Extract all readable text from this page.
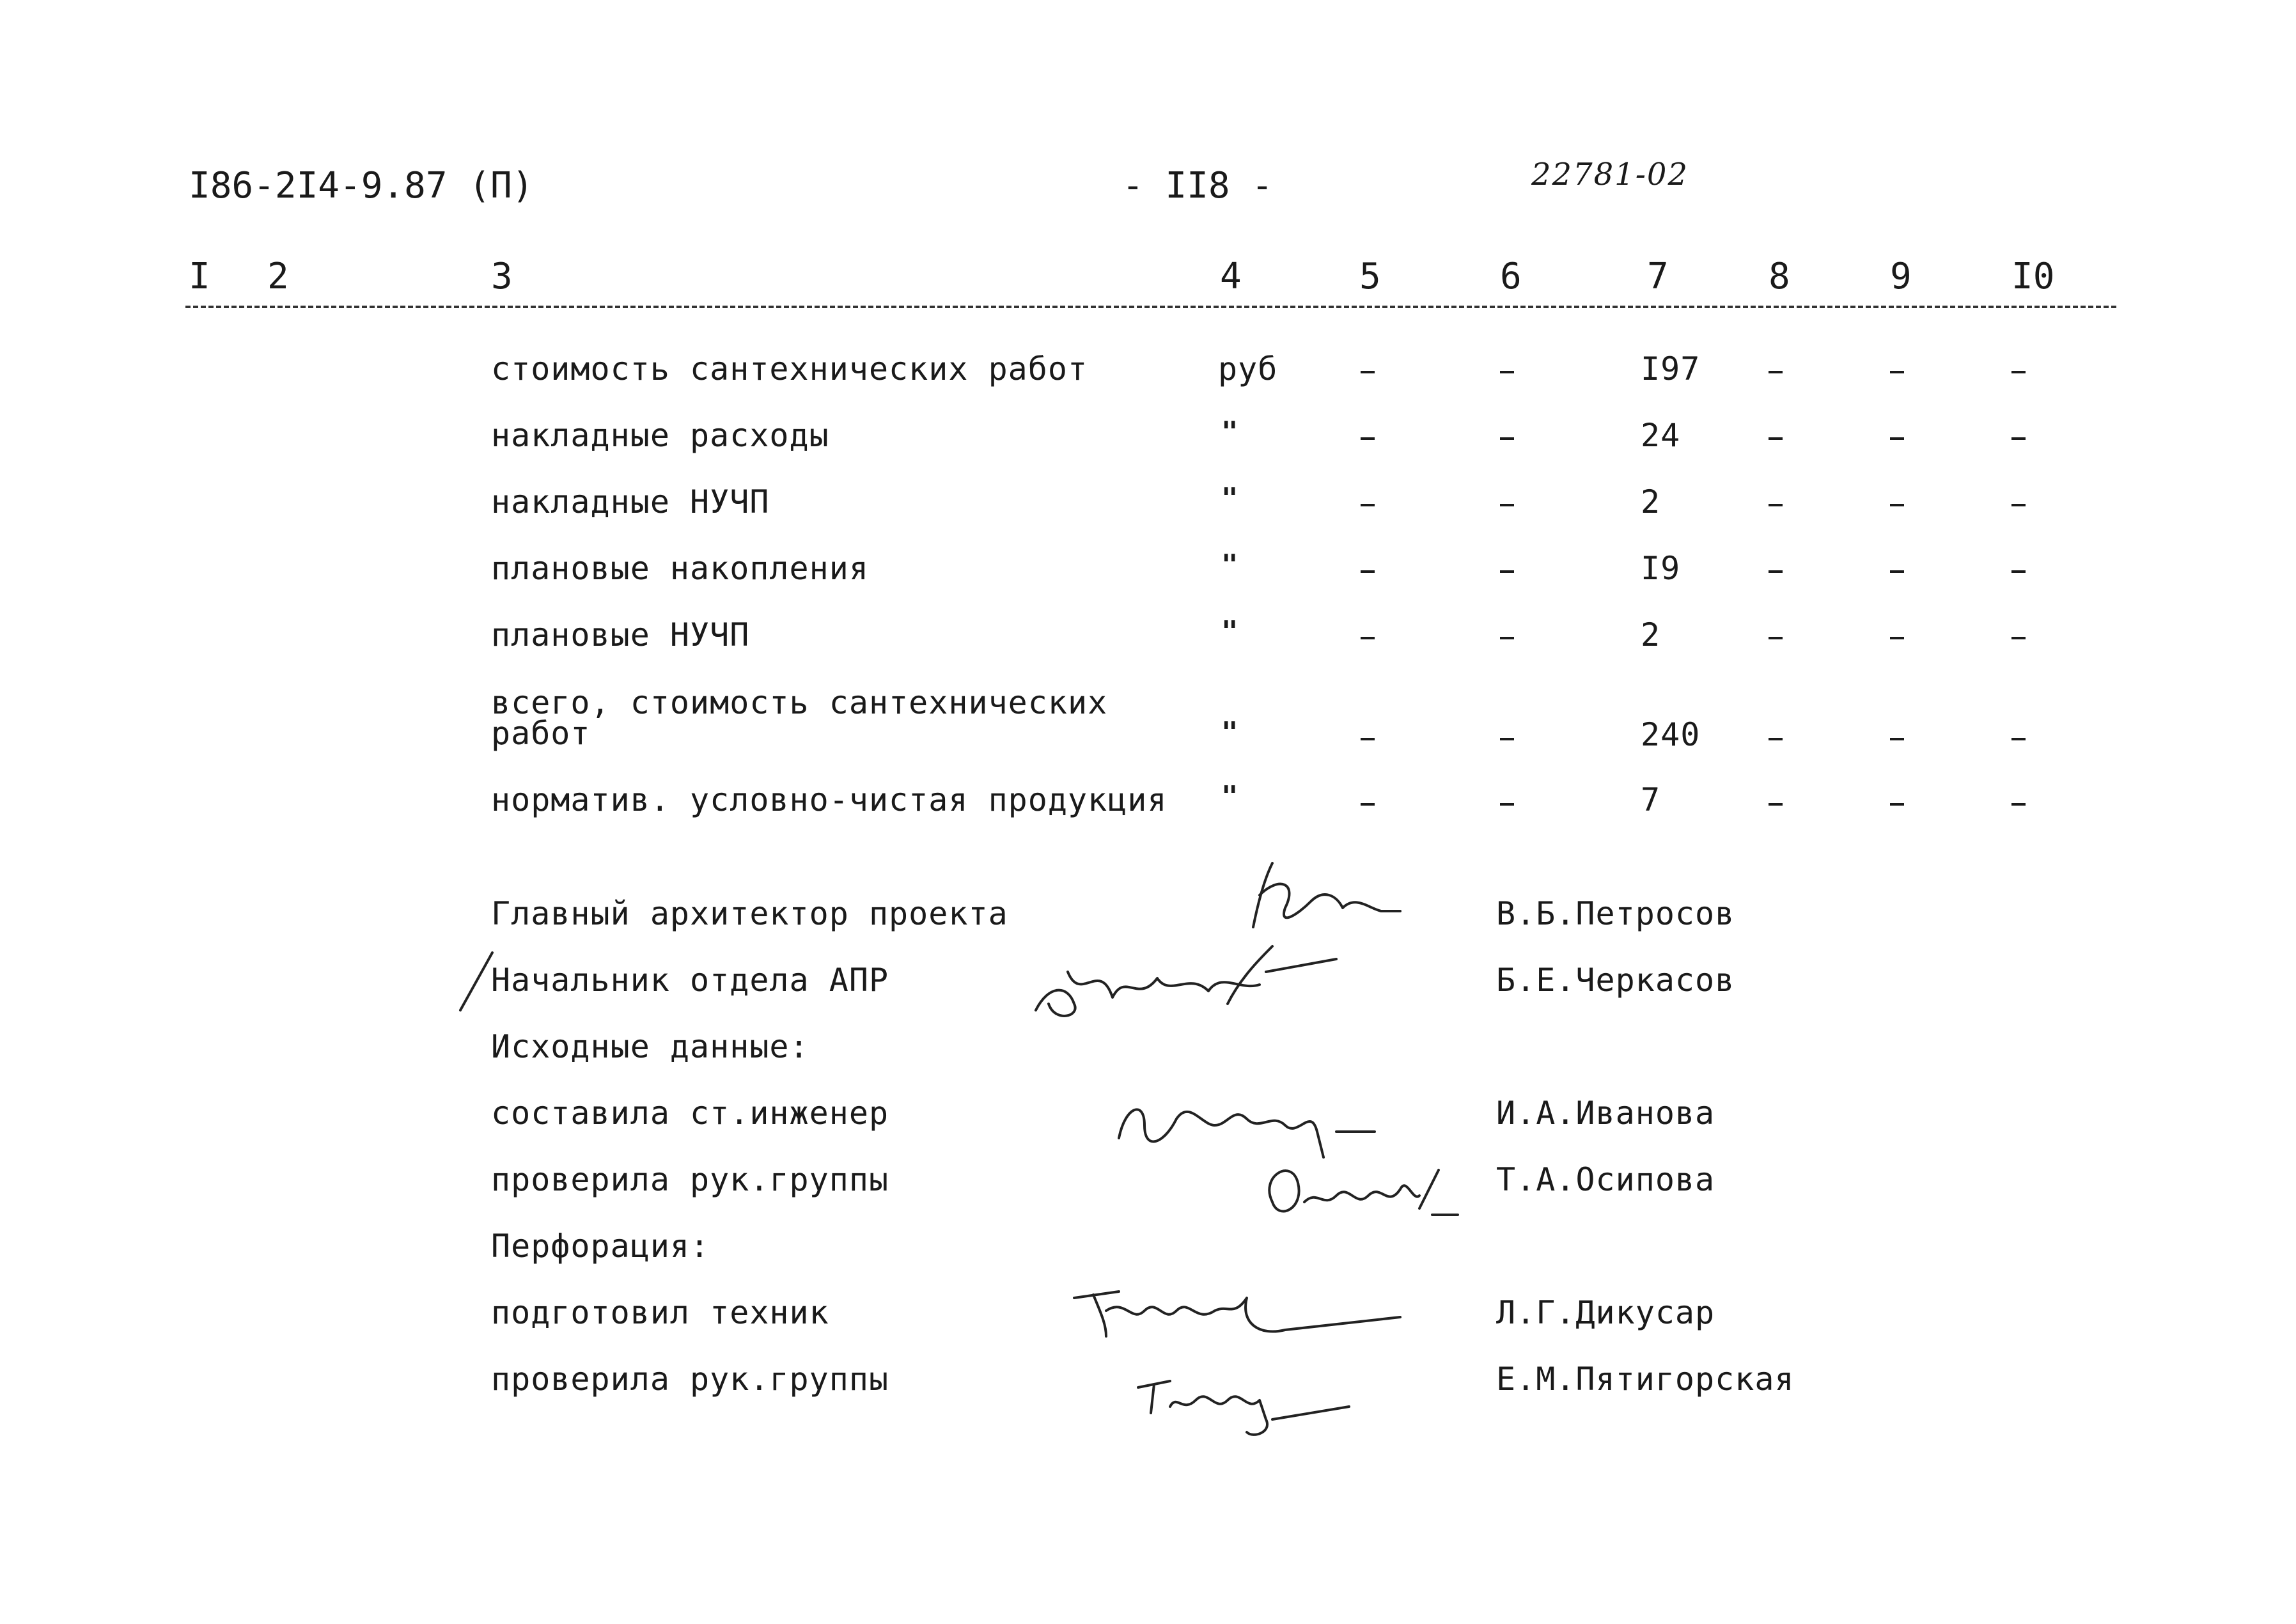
I86-2I4-9.87 (П)	- II8 -	22781-02
I 2	3	4	5	6	7	8	9	I0
стоимость сантехнических работ	руб	I97
накладные расходы	"	24
накладные НУЧП	"	2
плановые накопления	"	I9
плановые НУЧП	"	2
всего, стоимость сантехнических
работ	"	240
норматив. условно-чистая продукция "	7
Главный архитектор проекта	В.Б.Петросов
Начальник отдела АПР	Б.Е.Черкасов
Исходные данные:
составила ст.инженер	И.А.Иванова
проверила рук.группы	Т.А.Осипова
Перфорация:
подготовил техник	Л.Г.Дикусар
проверила рук.группы	Е.М.Пятигорская
